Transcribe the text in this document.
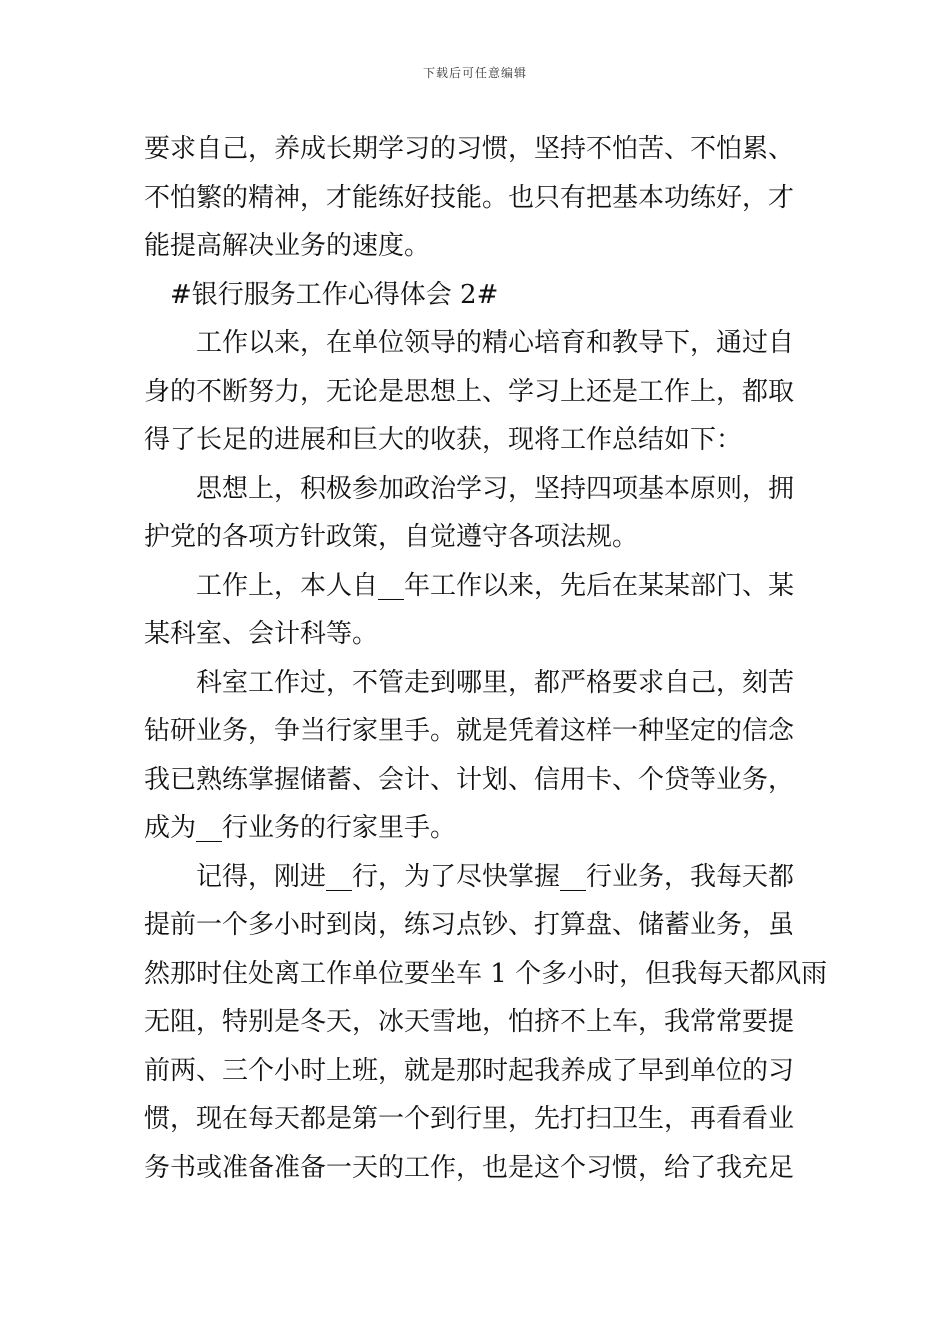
下载后可任意编辑
要求自己，养成长期学习的习惯，坚持不怕苦、不怕累、
不怕繁的精神，才能练好技能。也只有把基本功练好，才
能提高解决业务的速度。
#银行服务工作心得体会 2#
工作以来，在单位领导的精心培育和教导下，通过自
身的不断努力，无论是思想上、学习上还是工作上，都取
得了长足的进展和巨大的收获，现将工作总结如下：
思想上，积极参加政治学习，坚持四项基本原则，拥
护党的各项方针政策，自觉遵守各项法规。
工作上，本人自__年工作以来，先后在某某部门、某
某科室、会计科等。
科室工作过，不管走到哪里，都严格要求自己，刻苦
钻研业务，争当行家里手。就是凭着这样一种坚定的信念
我已熟练掌握储蓄、会计、计划、信用卡、个贷等业务，
成为__行业务的行家里手。
记得，刚进__行，为了尽快掌握__行业务，我每天都
提前一个多小时到岗，练习点钞、打算盘、储蓄业务，虽
然那时住处离工作单位要坐车 1 个多小时，但我每天都风雨
无阻，特别是冬天，冰天雪地，怕挤不上车，我常常要提
前两、三个小时上班，就是那时起我养成了早到单位的习
惯，现在每天都是第一个到行里，先打扫卫生，再看看业
务书或准备准备一天的工作，也是这个习惯，给了我充足
